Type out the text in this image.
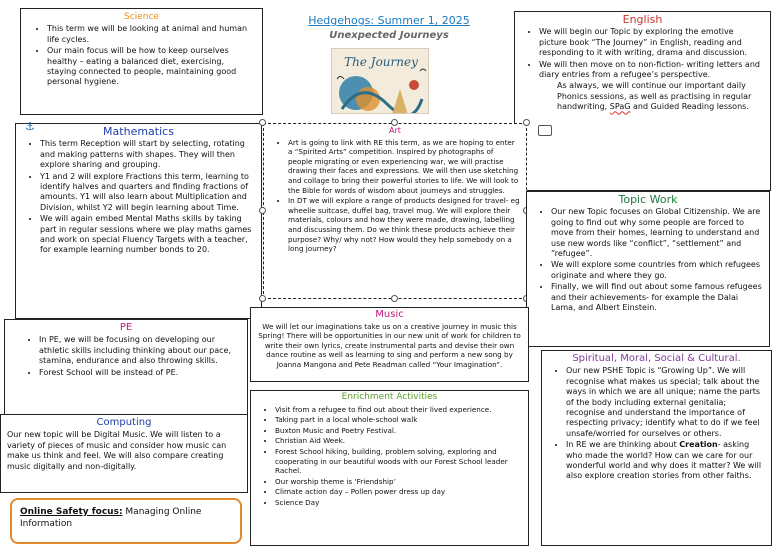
Science
• This term we will be looking at animal and human life cycles.
• Our main focus will be how to keep ourselves healthy – eating a balanced diet, exercising, staying connected to people, maintaining good personal hygiene.
Hedgehogs: Summer 1, 2025
Unexpected Journeys
The Journey
English
• We will begin our Topic by exploring the emotive picture book “The Journey” in English, reading and responding to it with writing, drama and discussion.
• We will then move on to non-fiction- writing letters and diary entries from a refugee’s perspective.

As always, we will continue our important daily Phonics sessions, as well as practising in regular handwriting, SPaG and Guided Reading lessons.

Mathematics
• This term Reception will start by selecting, rotating and making patterns with shapes. They will then explore sharing and grouping.
• Y1 and 2 will explore Fractions this term, learning to identify halves and quarters and finding fractions of amounts. Y1 will also learn about Multiplication and Division, whilst Y2 will begin learning about Time.
• We will again embed Mental Maths skills by taking part in regular sessions where we play maths games and work on special Fluency Targets with a teacher, for example learning number bonds to 20.
Art
• Art is going to link with RE this term, as we are hoping to enter a “Spirited Arts” competition. Inspired by photographs of people migrating or even experiencing war, we will practise drawing their faces and expressions. We will then use sketching and collage to bring their powerful stories to life. We will look to the Bible for words of wisdom about journeys and struggles.
• In DT we will explore a range of products designed for travel- eg wheelie suitcase, duffel bag, travel mug. We will explore their materials, colours and how they were made, drawing, labelling and discussing them. Do we think these products achieve their purpose? Why/ why not? How would they help somebody on a long journey?
⚓
Topic Work
• Our new Topic focuses on Global Citizenship. We are going to find out why some people are forced to move from their homes, learning to understand and use new words like “conflict”, “settlement” and “refugee”.
• We will explore some countries from which refugees originate and where they go.
• Finally, we will find out about some famous refugees and their achievements- for example the Dalai Lama, and Albert Einstein.
PE
• In PE, we will be focusing on developing our athletic skills including thinking about our pace, stamina, endurance and also throwing skills.
• Forest School will be instead of PE.
Music

We will let our imaginations take us on a creative journey in music this Spring! There will be opportunities in our new unit of work for children to write their own lyrics, create instrumental parts and devise their own dance routine as well as learning to sing and perform a new song by Joanna Mangona and Pete Readman called “Your Imagination”.

Computing

Our new topic will be Digital Music. We will listen to a variety of pieces of music and consider how music can make us think and feel. We will also compare creating music digitally and non-digitally.

Enrichment Activities
• Visit from a refugee to find out about their lived experience.
• Taking part in a local whole-school walk
• Buxton Music and Poetry Festival.
• Christian Aid Week.
• Forest School hiking, building, problem solving, exploring and cooperating in our beautiful woods with our Forest School leader Rachel.
• Our worship theme is ‘Friendship’
• Climate action day – Pollen power dress up day
• Science Day
Spiritual, Moral, Social & Cultural.
• Our new PSHE Topic is “Growing Up”. We will recognise what makes us special; talk about the ways in which we are all unique; name the parts of the body including external genitalia; recognise and understand the importance of respecting privacy; identify what to do if we feel unsafe/worried for ourselves or others.
• In RE we are thinking about Creation- asking who made the world? How can we care for our wonderful world and why does it matter? We will also explore creation stories from other faiths.
Online Safety focus: Managing Online Information
